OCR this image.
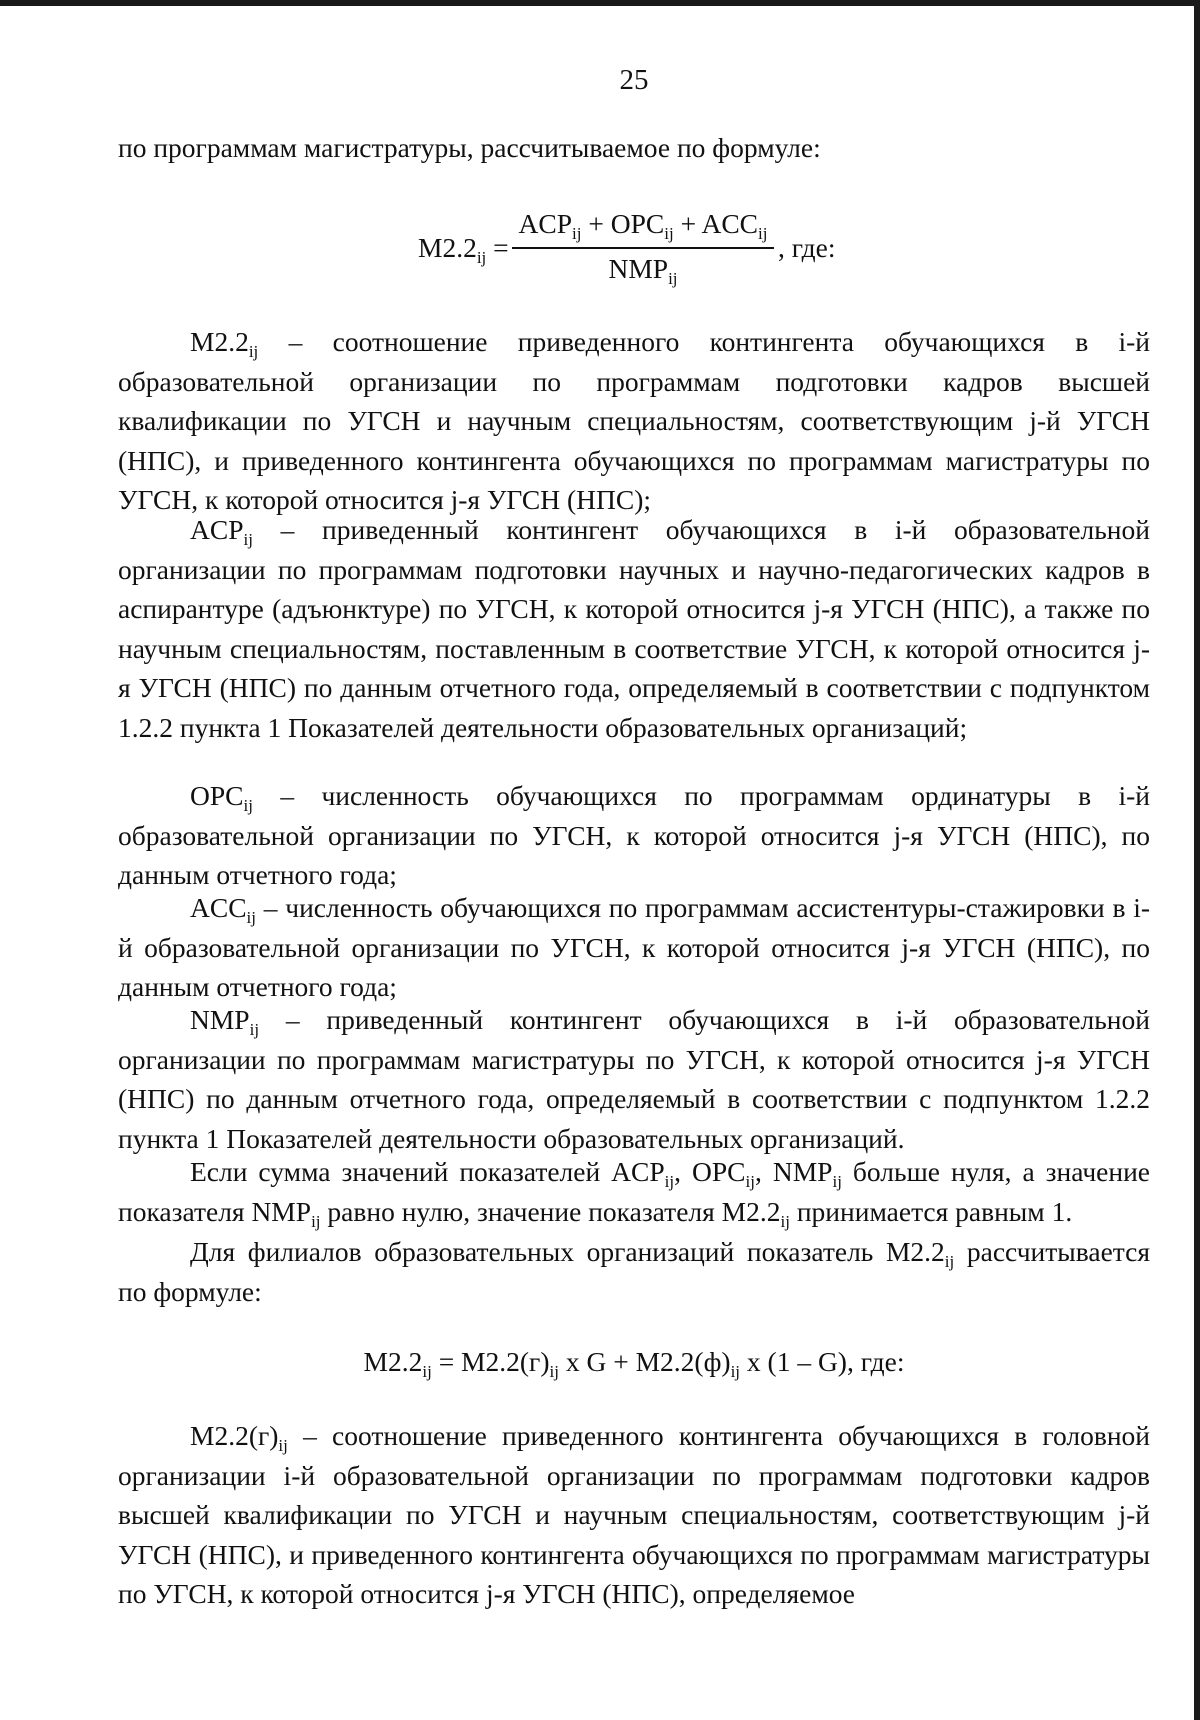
25

по программам магистратуры, рассчитываемое по формуле:

$M2.2_{ij}$ =
$ACP_{ij} + OPC_{ij} + ACC_{ij}$
$NMP_{ij}$
, где:

$M2.2_{ij}$ – соотношение приведенного контингента обучающихся в i-й образовательной организации по программам подготовки кадров высшей квалификации по УГСН и научным специальностям, соответствующим j-й УГСН (НПС), и приведенного контингента обучающихся по программам магистратуры по УГСН, к которой относится j-я УГСН (НПС);

$ACP_{ij}$ – приведенный контингент обучающихся в i-й образовательной организации по программам подготовки научных и научно-педагогических кадров в аспирантуре (адъюнктуре) по УГСН, к которой относится j-я УГСН (НПС), а также по научным специальностям, поставленным в соответствие УГСН, к которой относится j-я УГСН (НПС) по данным отчетного года, определяемый в соответствии с подпунктом 1.2.2 пункта 1 Показателей деятельности образовательных организаций;

$OPC_{ij}$ – численность обучающихся по программам ординатуры в i-й образовательной организации по УГСН, к которой относится j-я УГСН (НПС), по данным отчетного года;

$ACC_{ij}$ – численность обучающихся по программам ассистентуры-стажировки в i-й образовательной организации по УГСН, к которой относится j-я УГСН (НПС), по данным отчетного года;

$NMP_{ij}$ – приведенный контингент обучающихся в i-й образовательной организации по программам магистратуры по УГСН, к которой относится j-я УГСН (НПС) по данным отчетного года, определяемый в соответствии с подпунктом 1.2.2 пункта 1 Показателей деятельности образовательных организаций.

Если сумма значений показателей $ACP_{ij}$, $OPC_{ij}$, $NMP_{ij}$ больше нуля, а значение показателя $NMP_{ij}$ равно нулю, значение показателя $M2.2_{ij}$ принимается равным 1.

Для филиалов образовательных организаций показатель $M2.2_{ij}$ рассчитывается по формуле:

$M2.2_{ij} = M2.2(г)_{ij}$ x $G + M2.2(ф)_{ij}$ x (1 – G), где:

$M2.2(г)_{ij}$ – соотношение приведенного контингента обучающихся в головной организации i-й образовательной организации по программам подготовки кадров высшей квалификации по УГСН и научным специальностям, соответствующим j-й УГСН (НПС), и приведенного контингента обучающихся по программам магистратуры по УГСН, к которой относится j-я УГСН (НПС), определяемое
